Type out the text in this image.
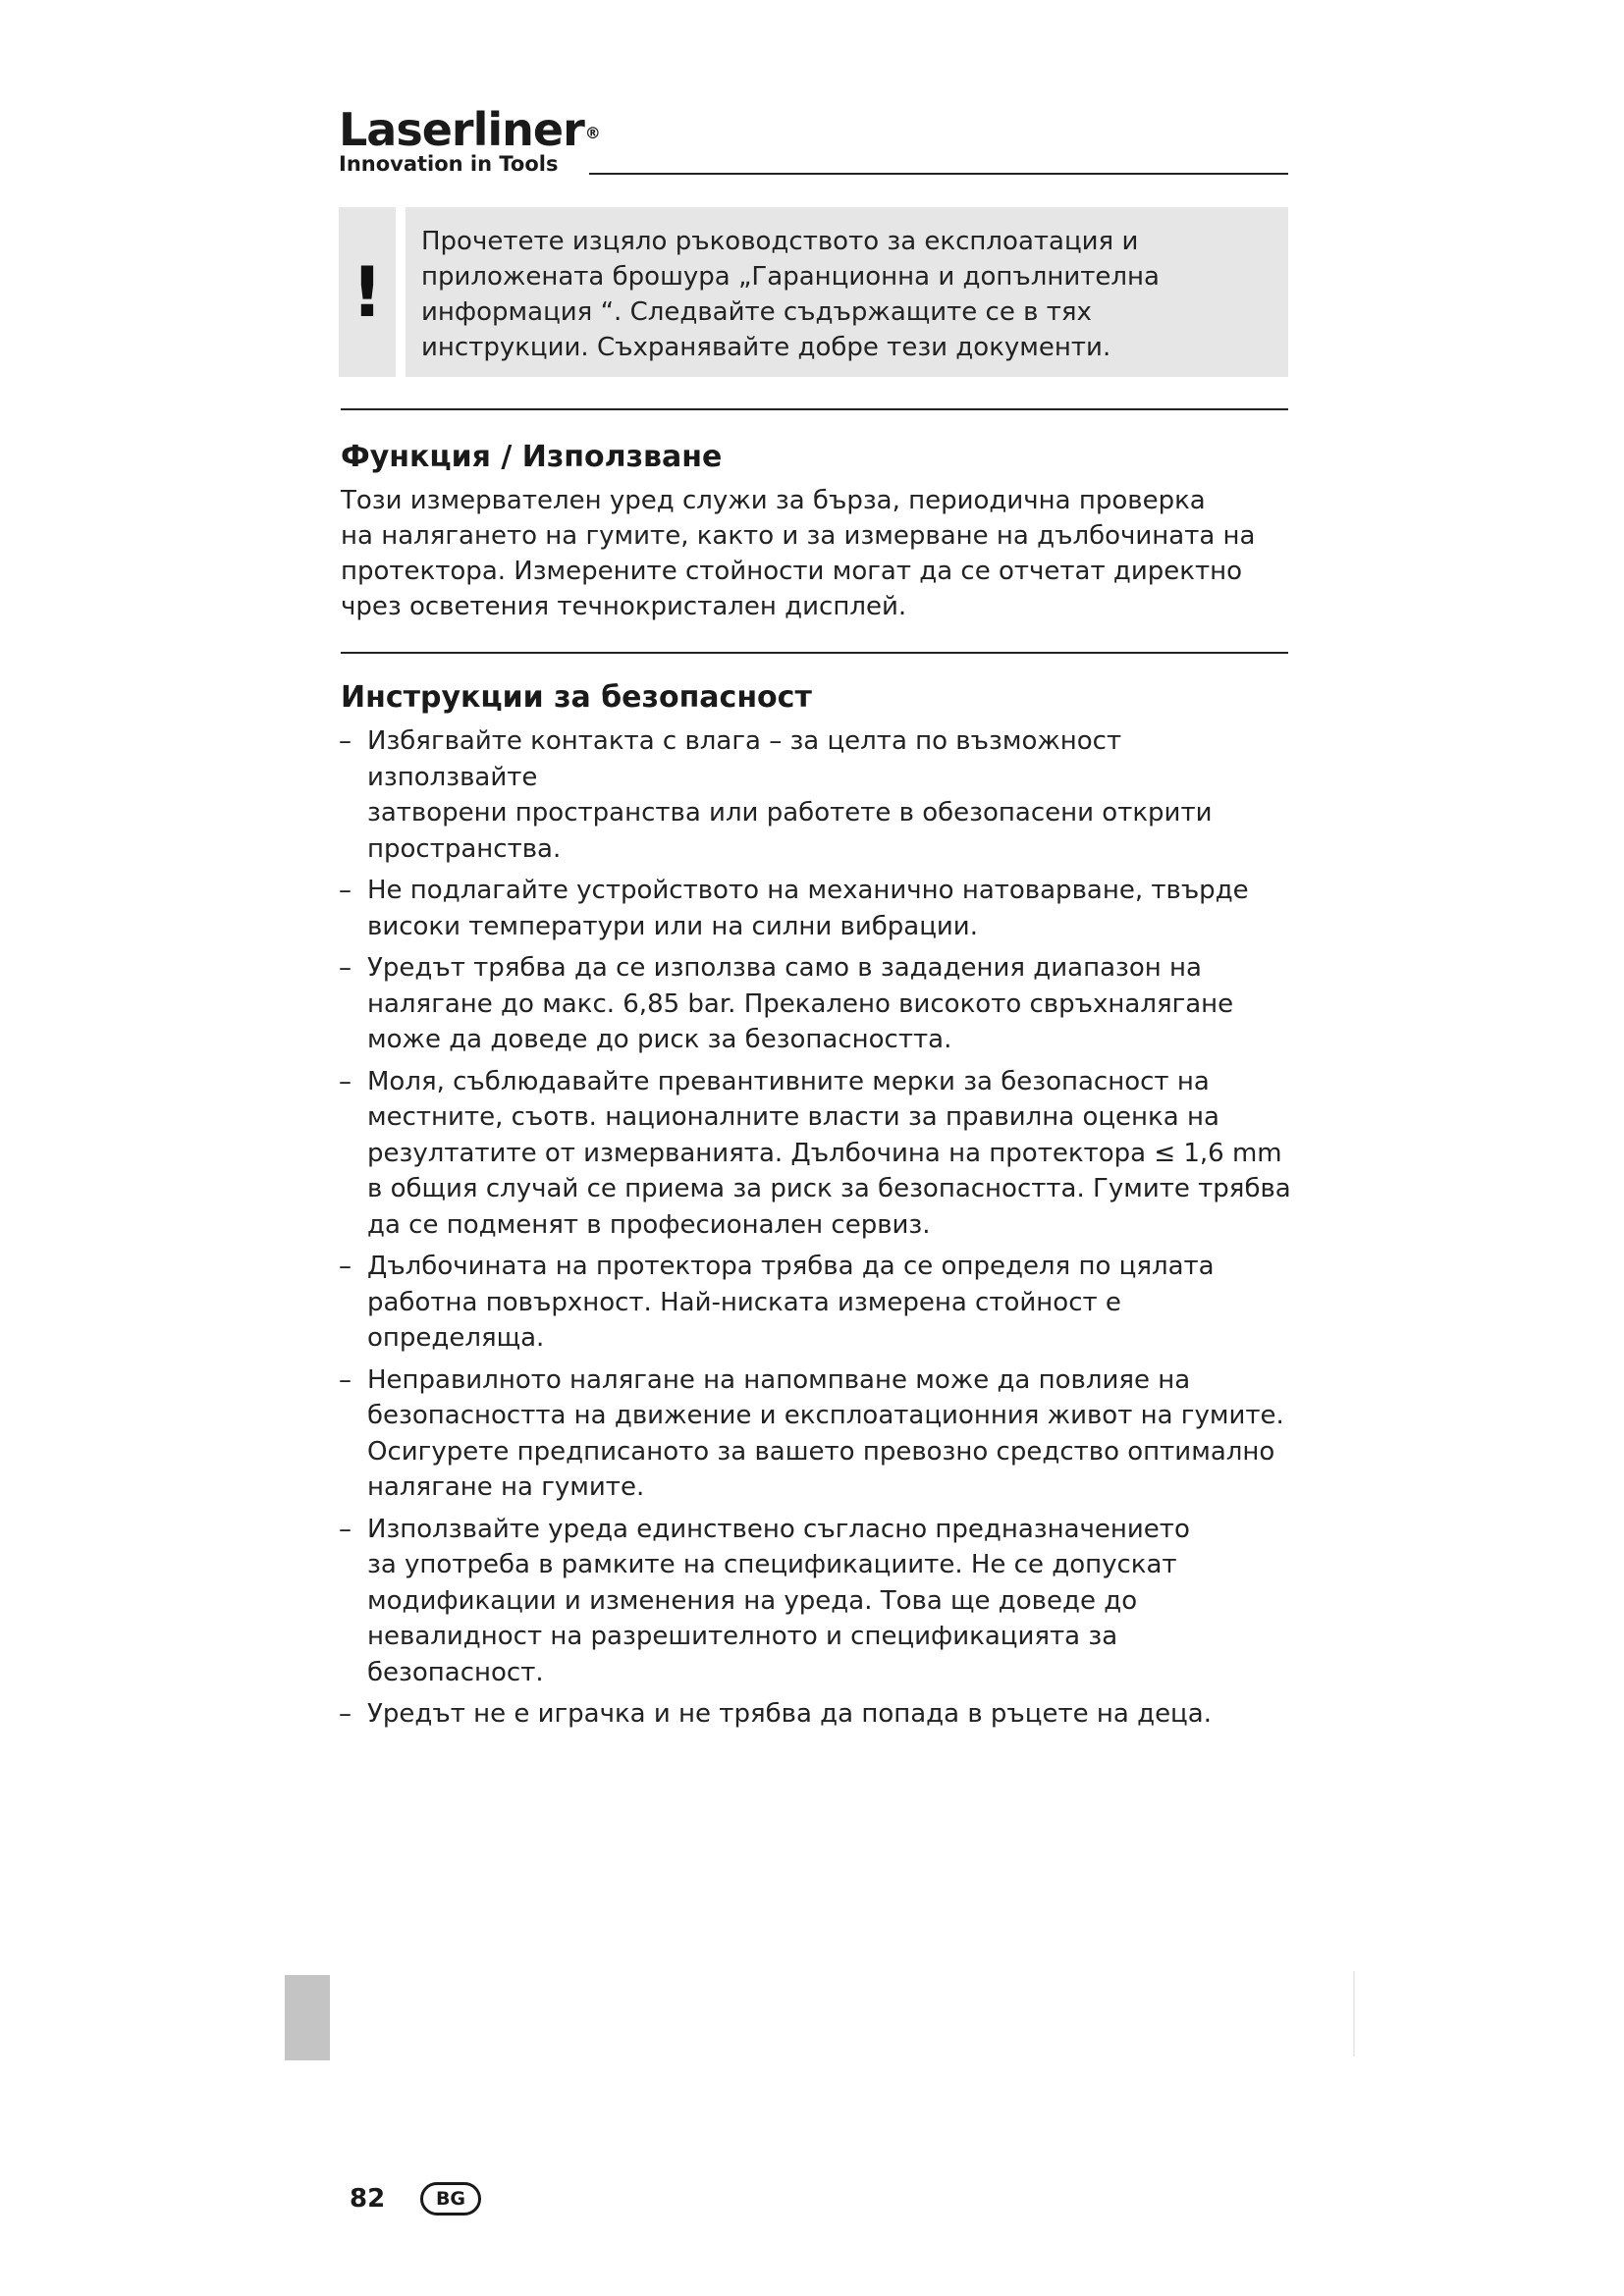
Laserliner®
Innovation in Tools
!
Прочетете изцяло ръководството за експлоатация и
приложената брошура „Гаранционна и допълнителна
информация “. Следвайте съдържащите се в тях
инструкции. Съхранявайте добре тези документи.
Функция / Използване
Този измервателен уред служи за бърза, периодична проверка
на налягането на гумите, както и за измерване на дълбочината на
протектора. Измерените стойности могат да се отчетат директно
чрез осветения течнокристален дисплей.
Инструкции за безопасност
– Избягвайте контакта с влага – за целта по възможност използвайте
затворени пространства или работете в обезопасени открити
пространства.
– Не подлагайте устройството на механично натоварване, твърде
високи температури или на силни вибрации.
– Уредът трябва да се използва само в зададения диапазон на
налягане до макс. 6,85 bar. Прекалено високото свръхналягане
може да доведе до риск за безопасността.
– Моля, съблюдавайте превантивните мерки за безопасност на
местните, съотв. националните власти за правилна оценка на
резултатите от измерванията. Дълбочина на протектора ≤ 1,6 mm
в общия случай се приема за риск за безопасността. Гумите трябва
да се подменят в професионален сервиз.
– Дълбочината на протектора трябва да се определя по цялата
работна повърхност. Най-ниската измерена стойност е
определяща.
– Неправилното налягане на напомпване може да повлияе на
безопасността на движение и експлоатационния живот на гумите.
Осигурете предписаното за вашето превозно средство оптимално
налягане на гумите.
– Използвайте уреда единствено съгласно предназначението
за употреба в рамките на спецификациите. Не се допускат
модификации и изменения на уреда. Това ще доведе до
невалидност на разрешителното и спецификацията за безопасност.
– Уредът не е играчка и не трябва да попада в ръцете на деца.
82	BG
